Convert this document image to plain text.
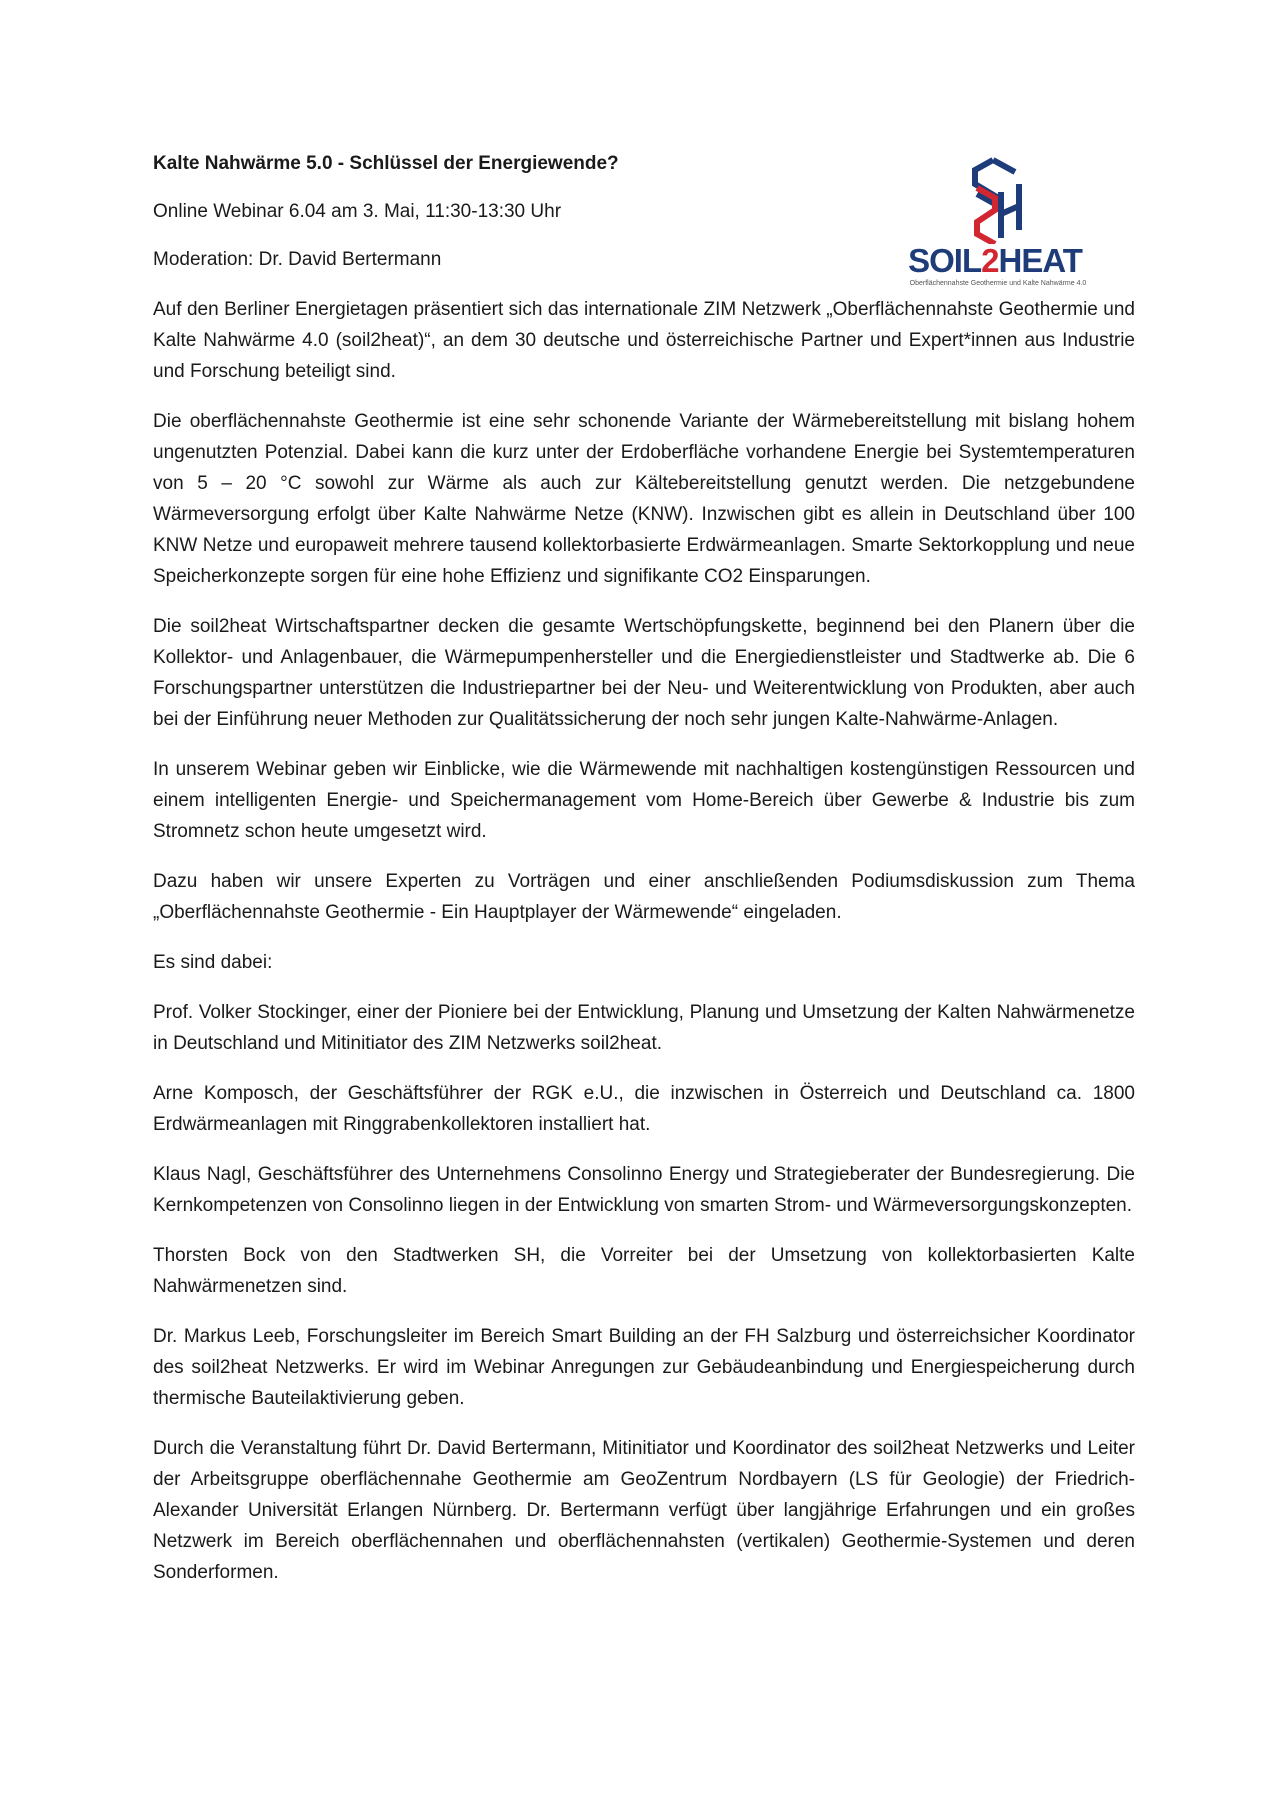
SOIL2HEAT
Oberflächennahste Geothermie und Kalte Nahwärme 4.0
Kalte Nahwärme 5.0 - Schlüssel der Energiewende?
Online Webinar 6.04 am 3. Mai, 11:30-13:30 Uhr
Moderation: Dr. David Bertermann

Auf den Berliner Energietagen präsentiert sich das internationale ZIM Netzwerk „Oberflächennahste Geothermie und Kalte Nahwärme 4.0 (soil2heat)“, an dem 30 deutsche und österreichische Partner und Expert*innen aus Industrie und Forschung beteiligt sind.

Die oberflächennahste Geothermie ist eine sehr schonende Variante der Wärmebereitstellung mit bislang hohem ungenutzten Potenzial. Dabei kann die kurz unter der Erdoberfläche vorhandene Energie bei Systemtemperaturen von 5 – 20 °C sowohl zur Wärme als auch zur Kältebereitstellung genutzt werden. Die netzgebundene Wärmeversorgung erfolgt über Kalte Nahwärme Netze (KNW). Inzwischen gibt es allein in Deutschland über 100 KNW Netze und europaweit mehrere tausend kollektorbasierte Erdwärmeanlagen. Smarte Sektorkopplung und neue Speicherkonzepte sorgen für eine hohe Effizienz und signifikante CO2 Einsparungen.

Die soil2heat Wirtschaftspartner decken die gesamte Wertschöpfungskette, beginnend bei den Planern über die Kollektor- und Anlagenbauer, die Wärmepumpenhersteller und die Energiedienstleister und Stadtwerke ab. Die 6 Forschungspartner unterstützen die Industriepartner bei der Neu- und Weiterentwicklung von Produkten, aber auch bei der Einführung neuer Methoden zur Qualitätssicherung der noch sehr jungen Kalte-Nahwärme-Anlagen.

In unserem Webinar geben wir Einblicke, wie die Wärmewende mit nachhaltigen kostengünstigen Ressourcen und einem intelligenten Energie- und Speichermanagement vom Home-Bereich über Gewerbe & Industrie bis zum Stromnetz schon heute umgesetzt wird.

Dazu haben wir unsere Experten zu Vorträgen und einer anschließenden Podiumsdiskussion zum Thema „Oberflächennahste Geothermie - Ein Hauptplayer der Wärmewende“ eingeladen.

Es sind dabei:

Prof. Volker Stockinger, einer der Pioniere bei der Entwicklung, Planung und Umsetzung der Kalten Nahwärmenetze in Deutschland und Mitinitiator des ZIM Netzwerks soil2heat.

Arne Komposch, der Geschäftsführer der RGK e.U., die inzwischen in Österreich und Deutschland ca. 1800 Erdwärmeanlagen mit Ringgrabenkollektoren installiert hat.

Klaus Nagl, Geschäftsführer des Unternehmens Consolinno Energy und Strategieberater der Bundesregierung. Die Kernkompetenzen von Consolinno liegen in der Entwicklung von smarten Strom- und Wärmeversorgungskonzepten.

Thorsten Bock von den Stadtwerken SH, die Vorreiter bei der Umsetzung von kollektorbasierten Kalte Nahwärmenetzen sind.

Dr. Markus Leeb, Forschungsleiter im Bereich Smart Building an der FH Salzburg und österreichsicher Koordinator des soil2heat Netzwerks. Er wird im Webinar Anregungen zur Gebäudeanbindung und Energiespeicherung durch thermische Bauteilaktivierung geben.

Durch die Veranstaltung führt Dr. David Bertermann, Mitinitiator und Koordinator des soil2heat Netzwerks und Leiter der Arbeitsgruppe oberflächennahe Geothermie am GeoZentrum Nordbayern (LS für Geologie) der Friedrich-Alexander Universität Erlangen Nürnberg. Dr. Bertermann verfügt über langjährige Erfahrungen und ein großes Netzwerk im Bereich oberflächennahen und oberflächennahsten (vertikalen) Geothermie-Systemen und deren Sonderformen.
